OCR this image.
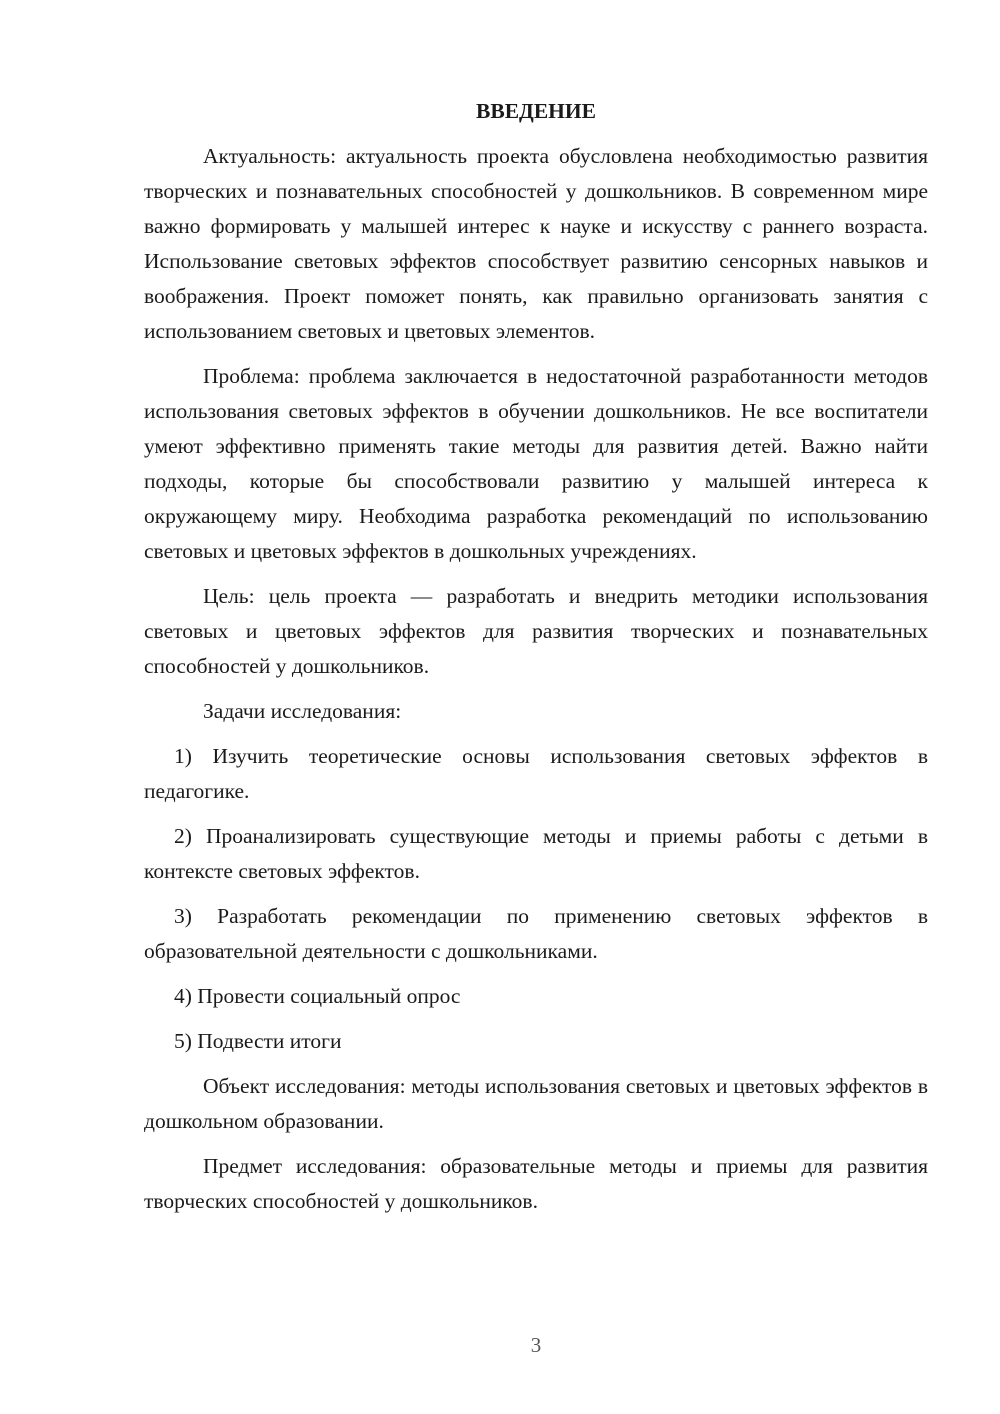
ВВЕДЕНИЕ

Актуальность: актуальность проекта обусловлена необходимостью развития творческих и познавательных способностей у дошкольников. В современном мире важно формировать у малышей интерес к науке и искусству с раннего возраста. Использование световых эффектов способствует развитию сенсорных навыков и воображения. Проект поможет понять, как правильно организовать занятия с использованием световых и цветовых элементов.

Проблема: проблема заключается в недостаточной разработанности методов использования световых эффектов в обучении дошкольников. Не все воспитатели умеют эффективно применять такие методы для развития детей. Важно найти подходы, которые бы способствовали развитию у малышей интереса к окружающему миру. Необходима разработка рекомендаций по использованию световых и цветовых эффектов в дошкольных учреждениях.

Цель: цель проекта — разработать и внедрить методики использования световых и цветовых эффектов для развития творческих и познавательных способностей у дошкольников.

Задачи исследования:

1) Изучить теоретические основы использования световых эффектов в педагогике.

2) Проанализировать существующие методы и приемы работы с детьми в контексте световых эффектов.

3) Разработать рекомендации по применению световых эффектов в образовательной деятельности с дошкольниками.

4) Провести социальный опрос

5) Подвести итоги

Объект исследования: методы использования световых и цветовых эффектов в дошкольном образовании.

Предмет исследования: образовательные методы и приемы для развития творческих способностей у дошкольников.

3
